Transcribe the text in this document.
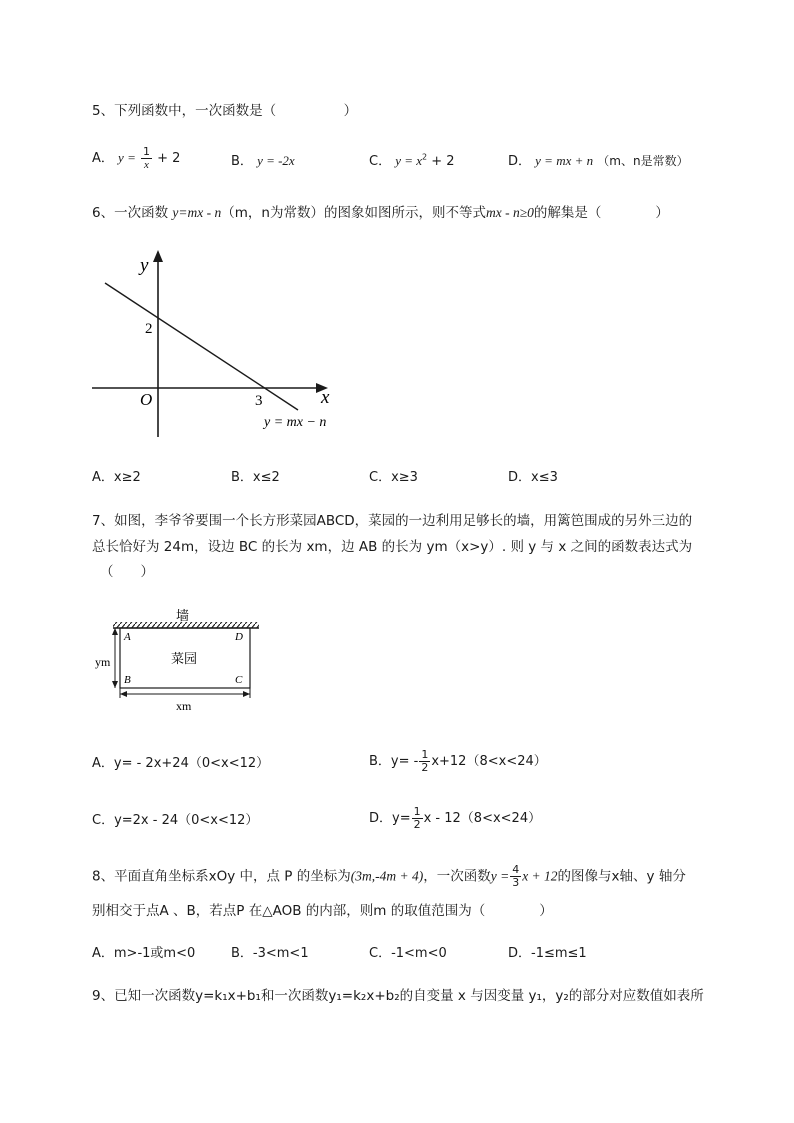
5、下列函数中，一次函数是（　　　　　）
A． $y = \frac{1}{x} + 2$	B． y = -2x	C． $y = x^2 + 2$	D． y = mx + n （m、n是常数）
6、一次函数 y=mx - n（m，n为常数）的图象如图所示，则不等式mx - n≥0的解集是（　　　　）
y
x
O
2
3
y = mx − n
A．x≥2	B．x≤2	C．x≥3	D．x≤3
7、如图，李爷爷要围一个长方形菜园ABCD，菜园的一边利用足够长的墙，用篱笆围成的另外三边的
总长恰好为 24m，设边 BC 的长为 xm，边 AB 的长为 ym（x>y）. 则 y 与 x 之间的函数表达式为
（　　）
墙
菜园
A	D
B	C
ym
xm
A．y= - 2x+24（0<x<12）	B．$y= - \frac{1}{2} x+12(8<x<24)$
C．y=2x - 24（0<x<12）	D．$y= \frac{1}{2}$ x - 12（8<x<24）
8、平面直角坐标系xOy 中，点 P 的坐标为(3m,-4m + 4)，一次函数$y = \frac{4}{3}$ x + 12的图像与x轴、y 轴分
别相交于点A 、B，若点P 在△AOB 的内部，则m 的取值范围为（　　　　）
A．m>-1或m<0	B．-3<m<1	C．-1<m<0	D．-1≤m≤1
9、已知一次函数y=k₁x+b₁和一次函数y₁=k₂x+b₂的自变量 x 与因变量 y₁，y₂的部分对应数值如表所
